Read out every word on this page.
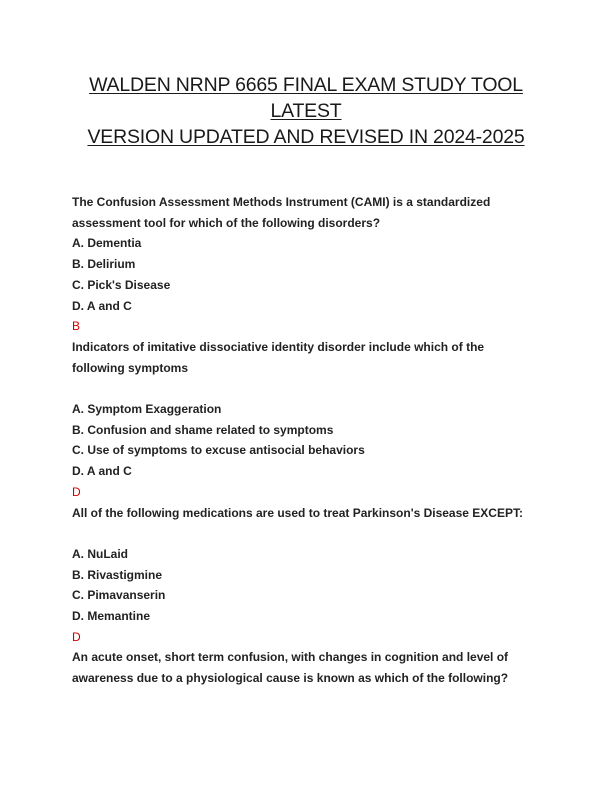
WALDEN NRNP 6665 FINAL EXAM STUDY TOOL LATEST
VERSION UPDATED AND REVISED IN 2024-2025
The Confusion Assessment Methods Instrument (CAMI) is a standardized
assessment tool for which of the following disorders?
A. Dementia
B. Delirium
C. Pick's Disease
D. A and C
B
Indicators of imitative dissociative identity disorder include which of the
following symptoms
A. Symptom Exaggeration
B. Confusion and shame related to symptoms
C. Use of symptoms to excuse antisocial behaviors
D. A and C
D
All of the following medications are used to treat Parkinson's Disease EXCEPT:
A. NuLaid
B. Rivastigmine
C. Pimavanserin
D. Memantine
D
An acute onset, short term confusion, with changes in cognition and level of
awareness due to a physiological cause is known as which of the following?
